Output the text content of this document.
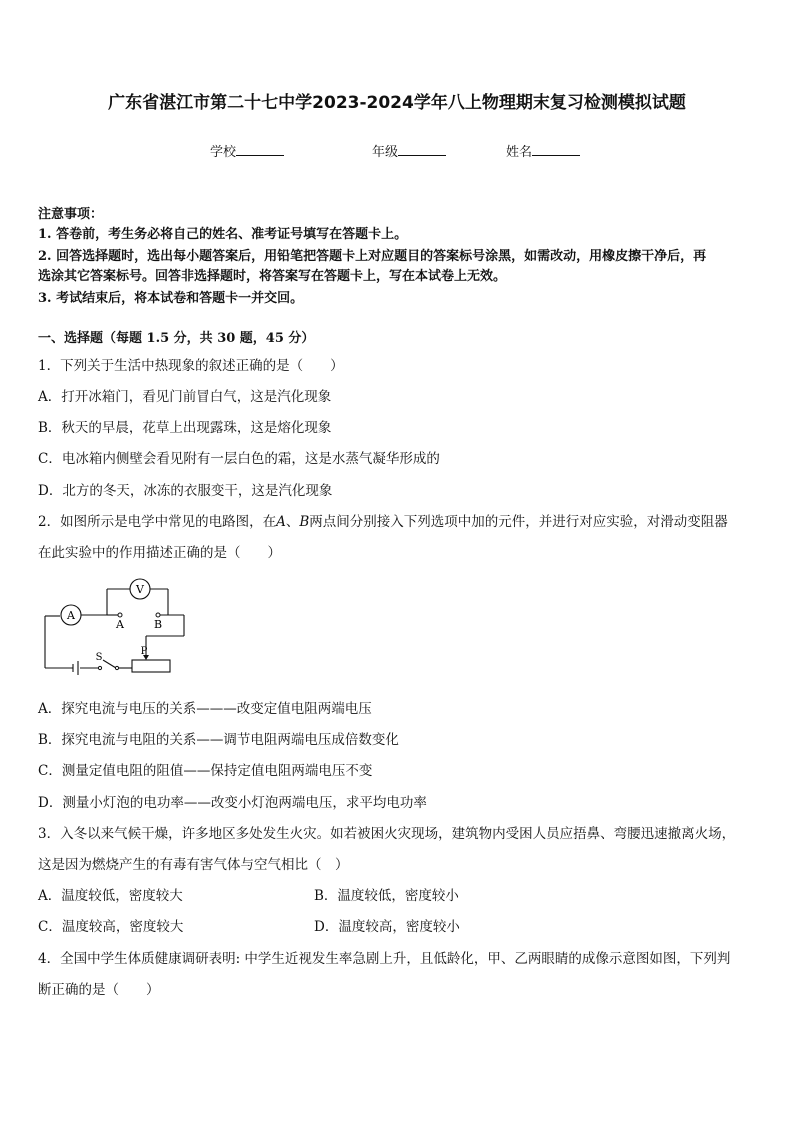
广东省湛江市第二十七中学2023-2024学年八上物理期末复习检测模拟试题
学校	年级	姓名
注意事项：
1. 答卷前，考生务必将自己的姓名、准考证号填写在答题卡上。
2. 回答选择题时，选出每小题答案后，用铅笔把答题卡上对应题目的答案标号涂黑，如需改动，用橡皮擦干净后，再
选涂其它答案标号。回答非选择题时，将答案写在答题卡上，写在本试卷上无效。
3. 考试结束后，将本试卷和答题卡一并交回。
一、选择题（每题 1.5 分，共 30 题，45 分）
1．下列关于生活中热现象的叙述正确的是（　　）
A．打开冰箱门，看见门前冒白气，这是汽化现象
B．秋天的早晨，花草上出现露珠，这是熔化现象
C．电冰箱内侧壁会看见附有一层白色的霜，这是水蒸气凝华形成的
D．北方的冬天，冰冻的衣服变干，这是汽化现象
2．如图所示是电学中常见的电路图，在A、B两点间分别接入下列选项中加的元件，并进行对应实验，对滑动变阻器
在此实验中的作用描述正确的是（　　）
A
V
A	B
S
P
A．探究电流与电压的关系———改变定值电阻两端电压
B．探究电流与电阻的关系——调节电阻两端电压成倍数变化
C．测量定值电阻的阻值——保持定值电阻两端电压不变
D．测量小灯泡的电功率——改变小灯泡两端电压，求平均电功率
3．入冬以来气候干燥，许多地区多处发生火灾。如若被困火灾现场，建筑物内受困人员应捂鼻、弯腰迅速撤离火场，
这是因为燃烧产生的有毒有害气体与空气相比（　）
A．温度较低，密度较大	B．温度较低，密度较小
C．温度较高，密度较大	D．温度较高，密度较小
4．全国中学生体质健康调研表明: 中学生近视发生率急剧上升，且低龄化，甲、乙两眼睛的成像示意图如图，下列判
断正确的是（　　）
